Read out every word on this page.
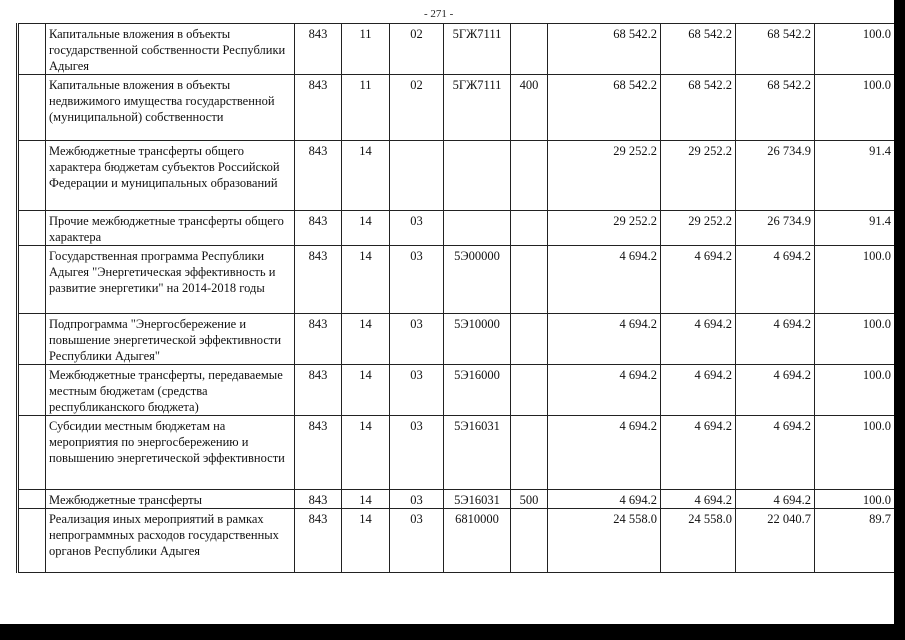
- 271 -
	Капитальные вложения в объекты государственной собственности Республики Адыгея	843	11	02	5ГЖ7111		68 542.2	68 542.2	68 542.2	100.0
	Капитальные вложения в объекты недвижимого имущества государственной (муниципальной) собственности	843	11	02	5ГЖ7111	400	68 542.2	68 542.2	68 542.2	100.0
	Межбюджетные трансферты общего характера бюджетам субъектов Российской Федерации и муниципальных образований	843	14				29 252.2	29 252.2	26 734.9	91.4
	Прочие межбюджетные трансферты общего характера	843	14	03			29 252.2	29 252.2	26 734.9	91.4
	Государственная программа Республики Адыгея "Энергетическая эффективность и развитие энергетики" на 2014-2018 годы	843	14	03	5Э00000		4 694.2	4 694.2	4 694.2	100.0
	Подпрограмма "Энергосбережение и повышение энергетической эффективности Республики Адыгея"	843	14	03	5Э10000		4 694.2	4 694.2	4 694.2	100.0
	Межбюджетные трансферты, передаваемые местным бюджетам (средства республиканского бюджета)	843	14	03	5Э16000		4 694.2	4 694.2	4 694.2	100.0
	Субсидии местным бюджетам на мероприятия по энергосбережению и повышению энергетической эффективности	843	14	03	5Э16031		4 694.2	4 694.2	4 694.2	100.0
	Межбюджетные трансферты	843	14	03	5Э16031	500	4 694.2	4 694.2	4 694.2	100.0
	Реализация иных мероприятий в рамках непрограммных расходов государственных органов Республики Адыгея	843	14	03	6810000		24 558.0	24 558.0	22 040.7	89.7
